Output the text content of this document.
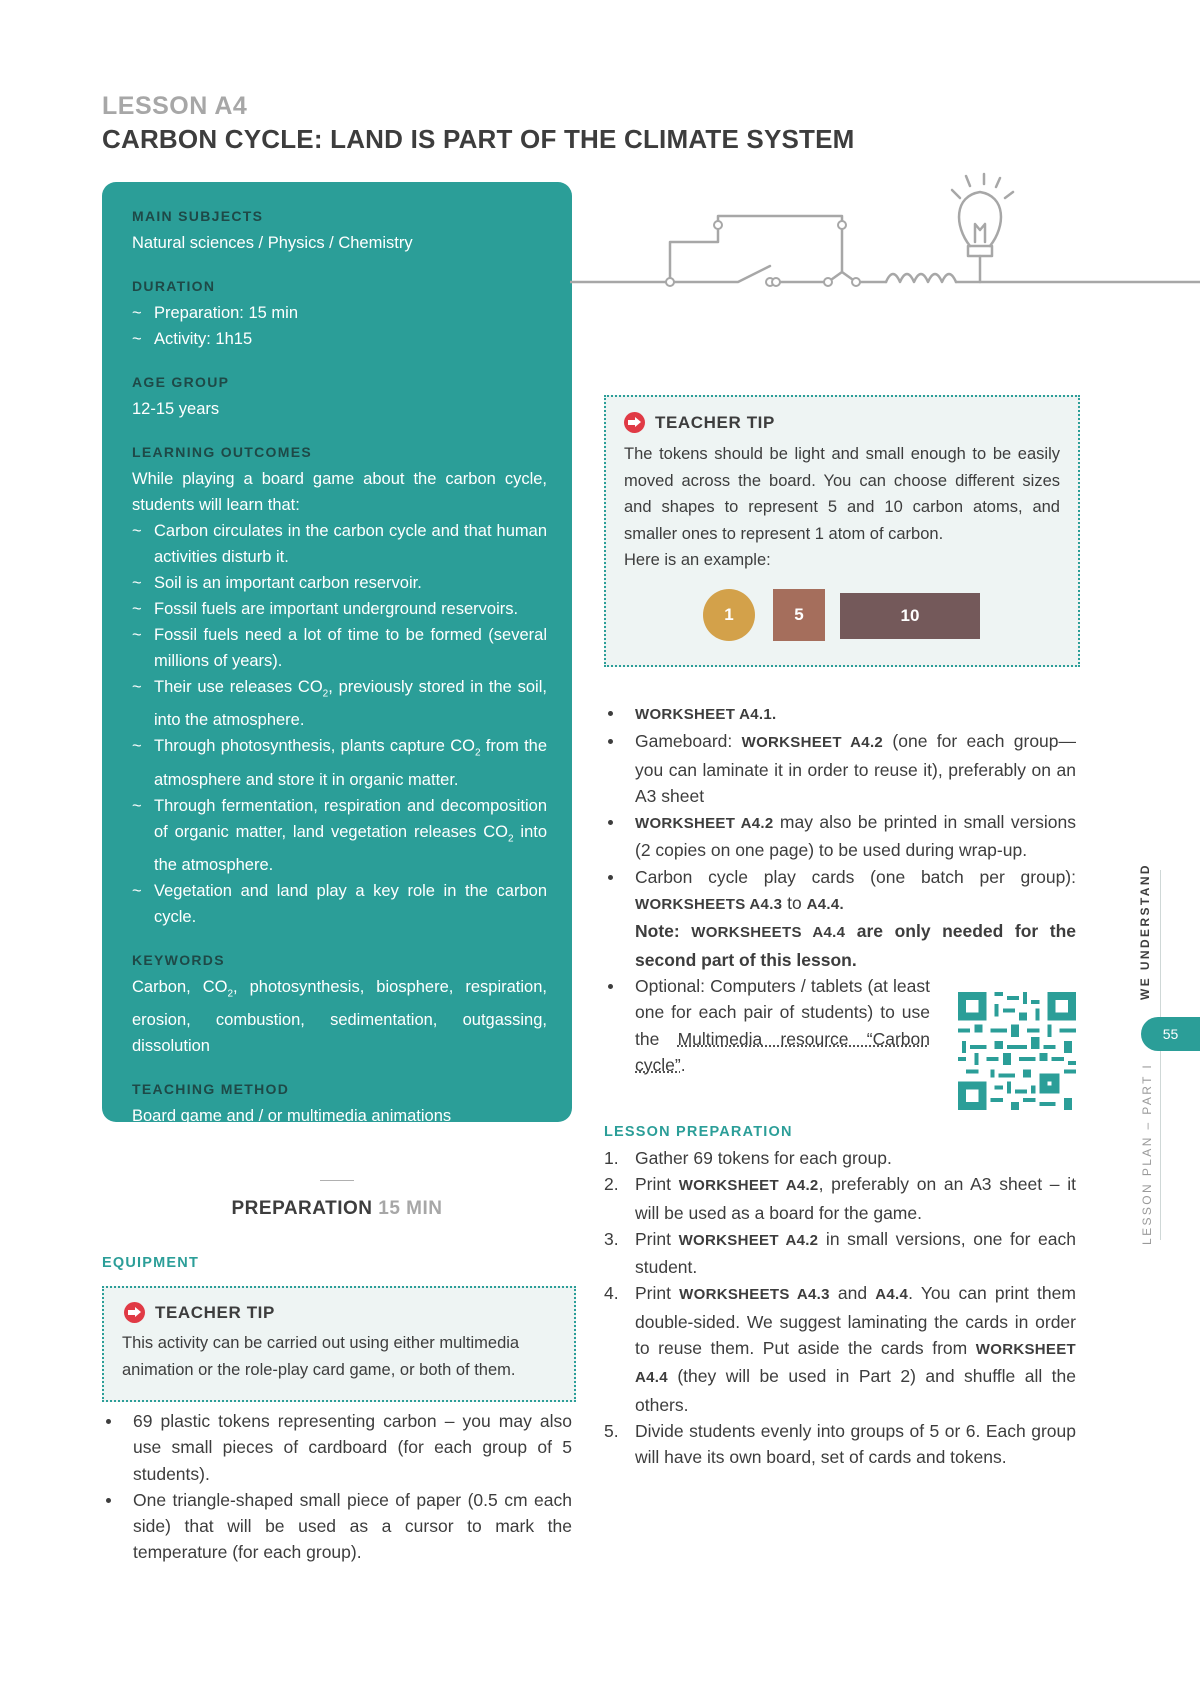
LESSON A4
CARBON CYCLE: LAND IS PART OF THE CLIMATE SYSTEM
MAIN SUBJECTS
Natural sciences / Physics / Chemistry
DURATION
~ Preparation: 15 min
~ Activity: 1h15
AGE GROUP
12-15 years
LEARNING OUTCOMES
While playing a board game about the carbon cycle, students will learn that:
~ Carbon circulates in the carbon cycle and that human activities disturb it.
~ Soil is an important carbon reservoir.
~ Fossil fuels are important underground reservoirs.
~ Fossil fuels need a lot of time to be formed (several millions of years).
~ Their use releases $CO_2$, previously stored in the soil, into the atmosphere.
~ Through photosynthesis, plants capture $CO_2$ from the atmosphere and store it in organic matter.
~ Through fermentation, respiration and decomposition of organic matter, land vegetation releases $CO_2$ into the atmosphere.
~ Vegetation and land play a key role in the carbon cycle.
KEYWORDS
Carbon, $CO_2$, photosynthesis, biosphere, respiration, erosion, combustion, sedimentation, outgassing, dissolution
TEACHING METHOD
Board game and / or multimedia animations
TEACHER TIP
The tokens should be light and small enough to be easily moved across the board. You can choose different sizes and shapes to represent 5 and 10 carbon atoms, and smaller ones to represent 1 atom of carbon.
Here is an example:
1	5	10
PREPARATION 15 MIN
EQUIPMENT
TEACHER TIP
This activity can be carried out using either multimedia animation or the role-play card game, or both of them.
69 plastic tokens representing carbon – you may also use small pieces of cardboard (for each group of 5 students).
One triangle-shaped small piece of paper (0.5 cm each side) that will be used as a cursor to mark the temperature (for each group).
WORKSHEET A4.1.
Gameboard: WORKSHEET A4.2 (one for each group—you can laminate it in order to reuse it), preferably on an A3 sheet
WORKSHEET A4.2 may also be printed in small versions (2 copies on one page) to be used during wrap-up.
Carbon cycle play cards (one batch per group): WORKSHEETS A4.3 to A4.4.
Note: WORKSHEETS A4.4 are only needed for the second part of this lesson.
Optional: Computers / tablets (at least one for each pair of students) to use the Multimedia resource “Carbon cycle”.
LESSON PREPARATION
1. Gather 69 tokens for each group.
2. Print WORKSHEET A4.2, preferably on an A3 sheet – it will be used as a board for the game.
3. Print WORKSHEET A4.2 in small versions, one for each student.
4. Print WORKSHEETS A4.3 and A4.4. You can print them double-sided. We suggest laminating the cards in order to reuse them. Put aside the cards from WORKSHEET A4.4 (they will be used in Part 2) and shuffle all the others.
5. Divide students evenly into groups of 5 or 6. Each group will have its own board, set of cards and tokens.
WE UNDERSTAND
55
LESSON PLAN – PART I
